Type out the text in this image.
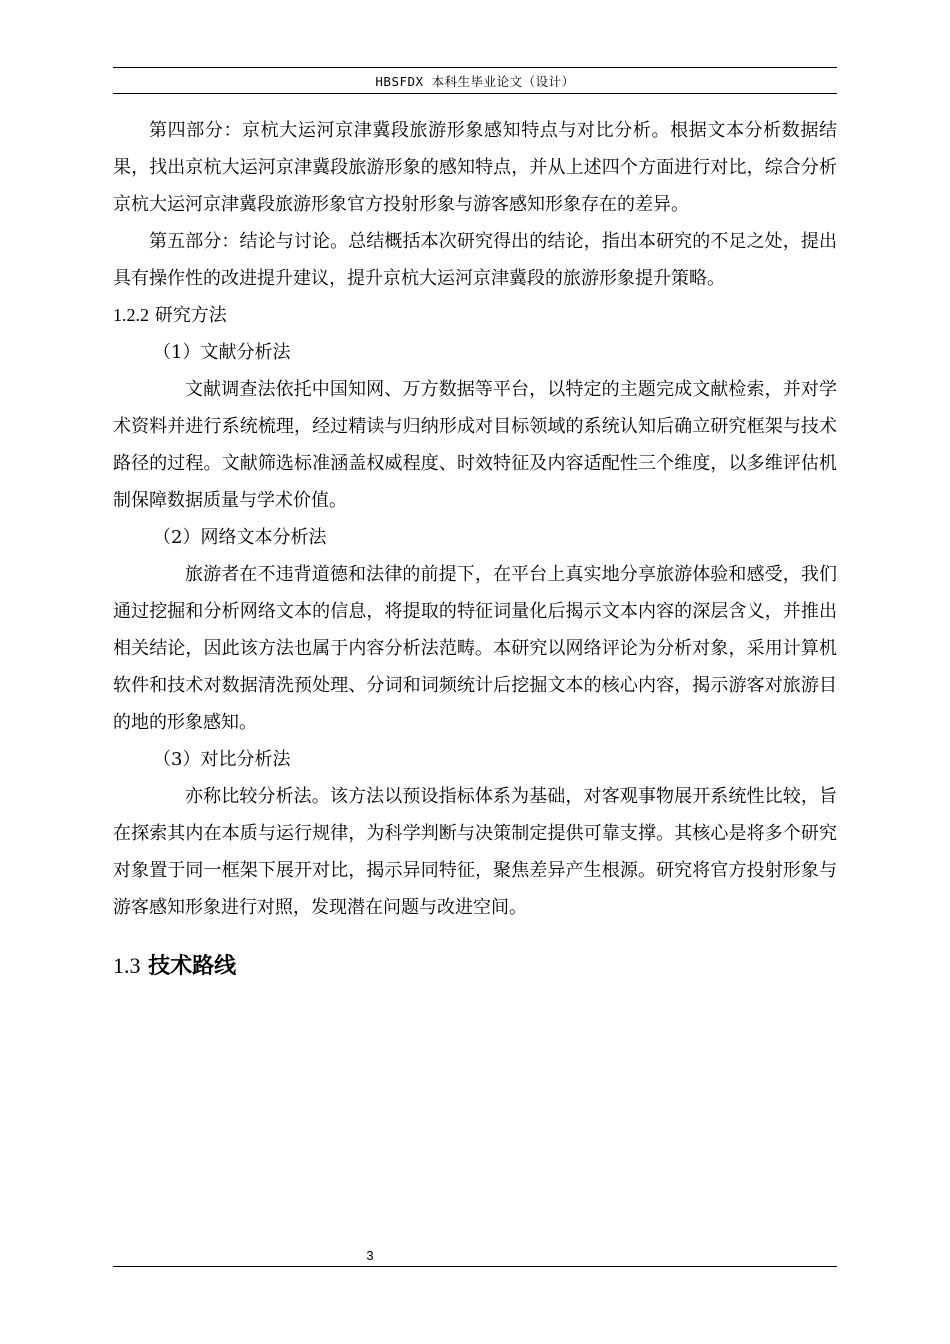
HBSFDX 本科生毕业论文（设计）

第四部分：京杭大运河京津冀段旅游形象感知特点与对比分析。根据文本分析数据结果，找出京杭大运河京津冀段旅游形象的感知特点，并从上述四个方面进行对比，综合分析京杭大运河京津冀段旅游形象官方投射形象与游客感知形象存在的差异。

第五部分：结论与讨论。总结概括本次研究得出的结论，指出本研究的不足之处，提出具有操作性的改进提升建议，提升京杭大运河京津冀段的旅游形象提升策略。

1.2.2 研究方法

（1）文献分析法

文献调查法依托中国知网、万方数据等平台，以特定的主题完成文献检索，并对学术资料并进行系统梳理，经过精读与归纳形成对目标领域的系统认知后确立研究框架与技术路径的过程。文献筛选标准涵盖权威程度、时效特征及内容适配性三个维度，以多维评估机制保障数据质量与学术价值。

（2）网络文本分析法

旅游者在不违背道德和法律的前提下，在平台上真实地分享旅游体验和感受，我们通过挖掘和分析网络文本的信息，将提取的特征词量化后揭示文本内容的深层含义，并推出相关结论，因此该方法也属于内容分析法范畴。本研究以网络评论为分析对象，采用计算机软件和技术对数据清洗预处理、分词和词频统计后挖掘文本的核心内容，揭示游客对旅游目的地的形象感知。

（3）对比分析法

亦称比较分析法。该方法以预设指标体系为基础，对客观事物展开系统性比较，旨在探索其内在本质与运行规律，为科学判断与决策制定提供可靠支撑。其核心是将多个研究对象置于同一框架下展开对比，揭示异同特征，聚焦差异产生根源。研究将官方投射形象与游客感知形象进行对照，发现潜在问题与改进空间。

1.3 技术路线

3
